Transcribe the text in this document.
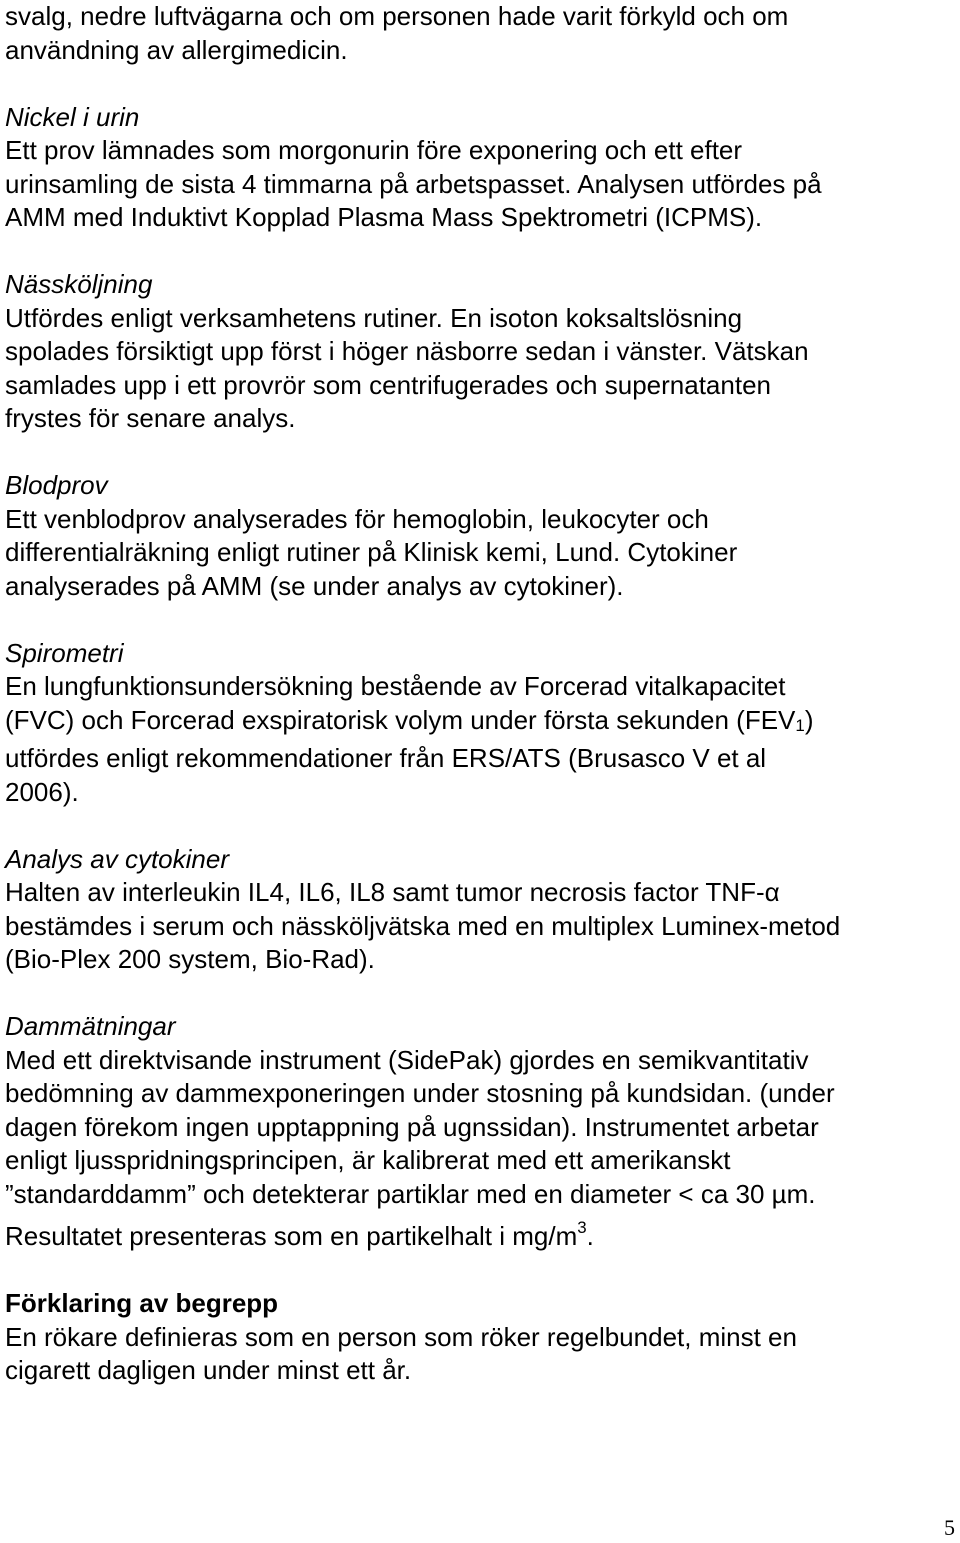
svalg, nedre luftvägarna och om personen hade varit förkyld och om
användning av allergimedicin.
Nickel i urin
Ett prov lämnades som morgonurin före exponering och ett efter
urinsamling de sista 4 timmarna på arbetspasset. Analysen utfördes på
AMM med Induktivt Kopplad Plasma Mass Spektrometri (ICPMS).
Nässköljning
Utfördes enligt verksamhetens rutiner. En isoton koksaltslösning
spolades försiktigt upp först i höger näsborre sedan i vänster. Vätskan
samlades upp i ett provrör som centrifugerades och supernatanten
frystes för senare analys.
Blodprov
Ett venblodprov analyserades för hemoglobin, leukocyter och
differentialräkning enligt rutiner på Klinisk kemi, Lund. Cytokiner
analyserades på AMM (se under analys av cytokiner).
Spirometri
En lungfunktionsundersökning bestående av Forcerad vitalkapacitet
(FVC) och Forcerad exspiratorisk volym under första sekunden $(FEV_1)$
utfördes enligt rekommendationer från ERS/ATS (Brusasco V et al
2006).
Analys av cytokiner
Halten av interleukin IL4, IL6, IL8 samt tumor necrosis factor TNF-α
bestämdes i serum och nässköljvätska med en multiplex Luminex-metod
(Bio-Plex 200 system, Bio-Rad).
Dammätningar
Med ett direktvisande instrument (SidePak) gjordes en semikvantitativ
bedömning av dammexponeringen under stosning på kundsidan. (under
dagen förekom ingen upptappning på ugnssidan). Instrumentet arbetar
enligt ljusspridningsprincipen, är kalibrerat med ett amerikanskt
”standarddamm” och detekterar partiklar med en diameter < ca 30 µm.
Resultatet presenteras som en partikelhalt i $mg/m^3$.
Förklaring av begrepp
En rökare definieras som en person som röker regelbundet, minst en
cigarett dagligen under minst ett år.
5
